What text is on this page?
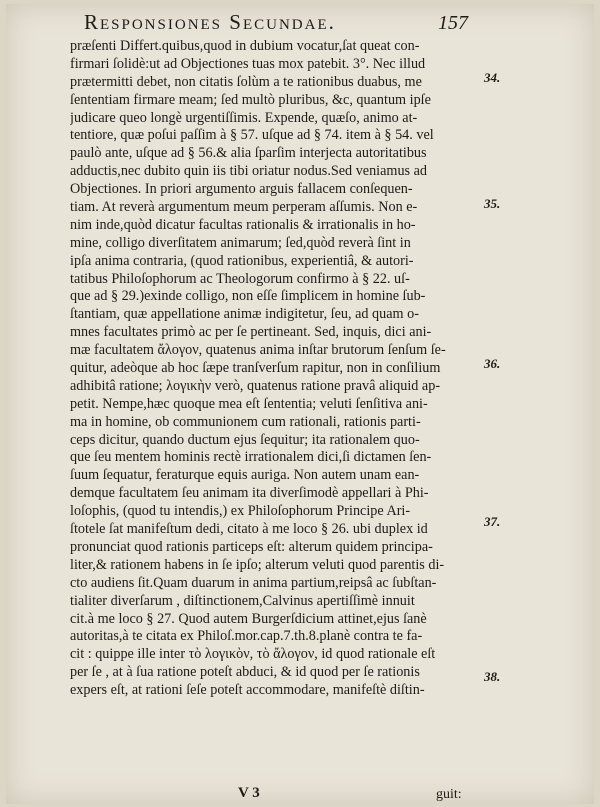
Responsiones Secundae.	157
præſenti Differt.quibus,quod in dubium vocatur,ſat queat con-
firmari ſolidè:ut ad Objectiones tuas mox patebit. 3°. Nec illud
prætermitti debet, non citatis ſolùm a te rationibus duabus, me
ſententiam firmare meam; ſed multò pluribus, &c, quantum ipſe
judicare queo longè urgentiſſimis. Expende, quæſo, animo at-
tentiore, quæ poſui paſſim à § 57. uſque ad § 74. item à § 54. vel
paulò ante, uſque ad § 56.& alia ſparſim interjecta autoritatibus
adductis,nec dubito quin iis tibi oriatur nodus.Sed veniamus ad
Objectiones. In priori argumento arguis fallacem conſequen-
tiam. At reverà argumentum meum perperam aſſumis. Non e-
nim inde,quòd dicatur facultas rationalis & irrationalis in ho-
mine, colligo diverſitatem animarum; ſed,quòd reverà ſint in
ipſa anima contraria, (quod rationibus, experientiâ, & autori-
tatibus Philoſophorum ac Theologorum confirmo à § 22. uſ-
que ad § 29.)exinde colligo, non eſſe ſimplicem in homine ſub-
ſtantiam, quæ appellatione animæ indigitetur, ſeu, ad quam o-
mnes facultates primò ac per ſe pertineant. Sed, inquis, dici ani-
mæ facultatem ἄλογον, quatenus anima inſtar brutorum ſenſum ſe-
quitur, adeòque ab hoc ſæpe tranſverſum rapitur, non in conſilium
adhibitâ ratione; λογικὴν verò, quatenus ratione pravâ aliquid ap-
petit. Nempe,hæc quoque mea eſt ſententia; veluti ſenſitiva ani-
ma in homine, ob communionem cum rationali, rationis parti-
ceps dicitur, quando ductum ejus ſequitur; ita rationalem quo-
que ſeu mentem hominis rectè irrationalem dici,ſi dictamen ſen-
ſuum ſequatur, feraturque equis auriga. Non autem unam ean-
demque facultatem ſeu animam ita diverſimodè appellari à Phi-
loſophis, (quod tu intendis,) ex Philoſophorum Principe Ari-
ſtotele ſat manifeſtum dedi, citato à me loco § 26. ubi duplex id
pronunciat quod rationis particeps eſt: alterum quidem principa-
liter,& rationem habens in ſe ipſo; alterum veluti quod parentis di-
cto audiens ſit.Quam duarum in anima partium,reipsâ ac ſubſtan-
tialiter diverſarum , diſtinctionem,Calvinus apertiſſimè innuit
cit.à me loco § 27. Quod autem Burgerſdicium attinet,ejus ſanè
autoritas,à te citata ex Philoſ.mor.cap.7.th.8.planè contra te fa-
cit : quippe ille inter τὸ λογικὸν, τὸ ἄλογον, id quod rationale eſt
per ſe , at à ſua ratione poteſt abduci, & id quod per ſe rationis
expers eſt, at rationi ſeſe poteſt accommodare, manifeſtè diſtin-
34.
35.
36.
37.
38.
V 3	guit:
